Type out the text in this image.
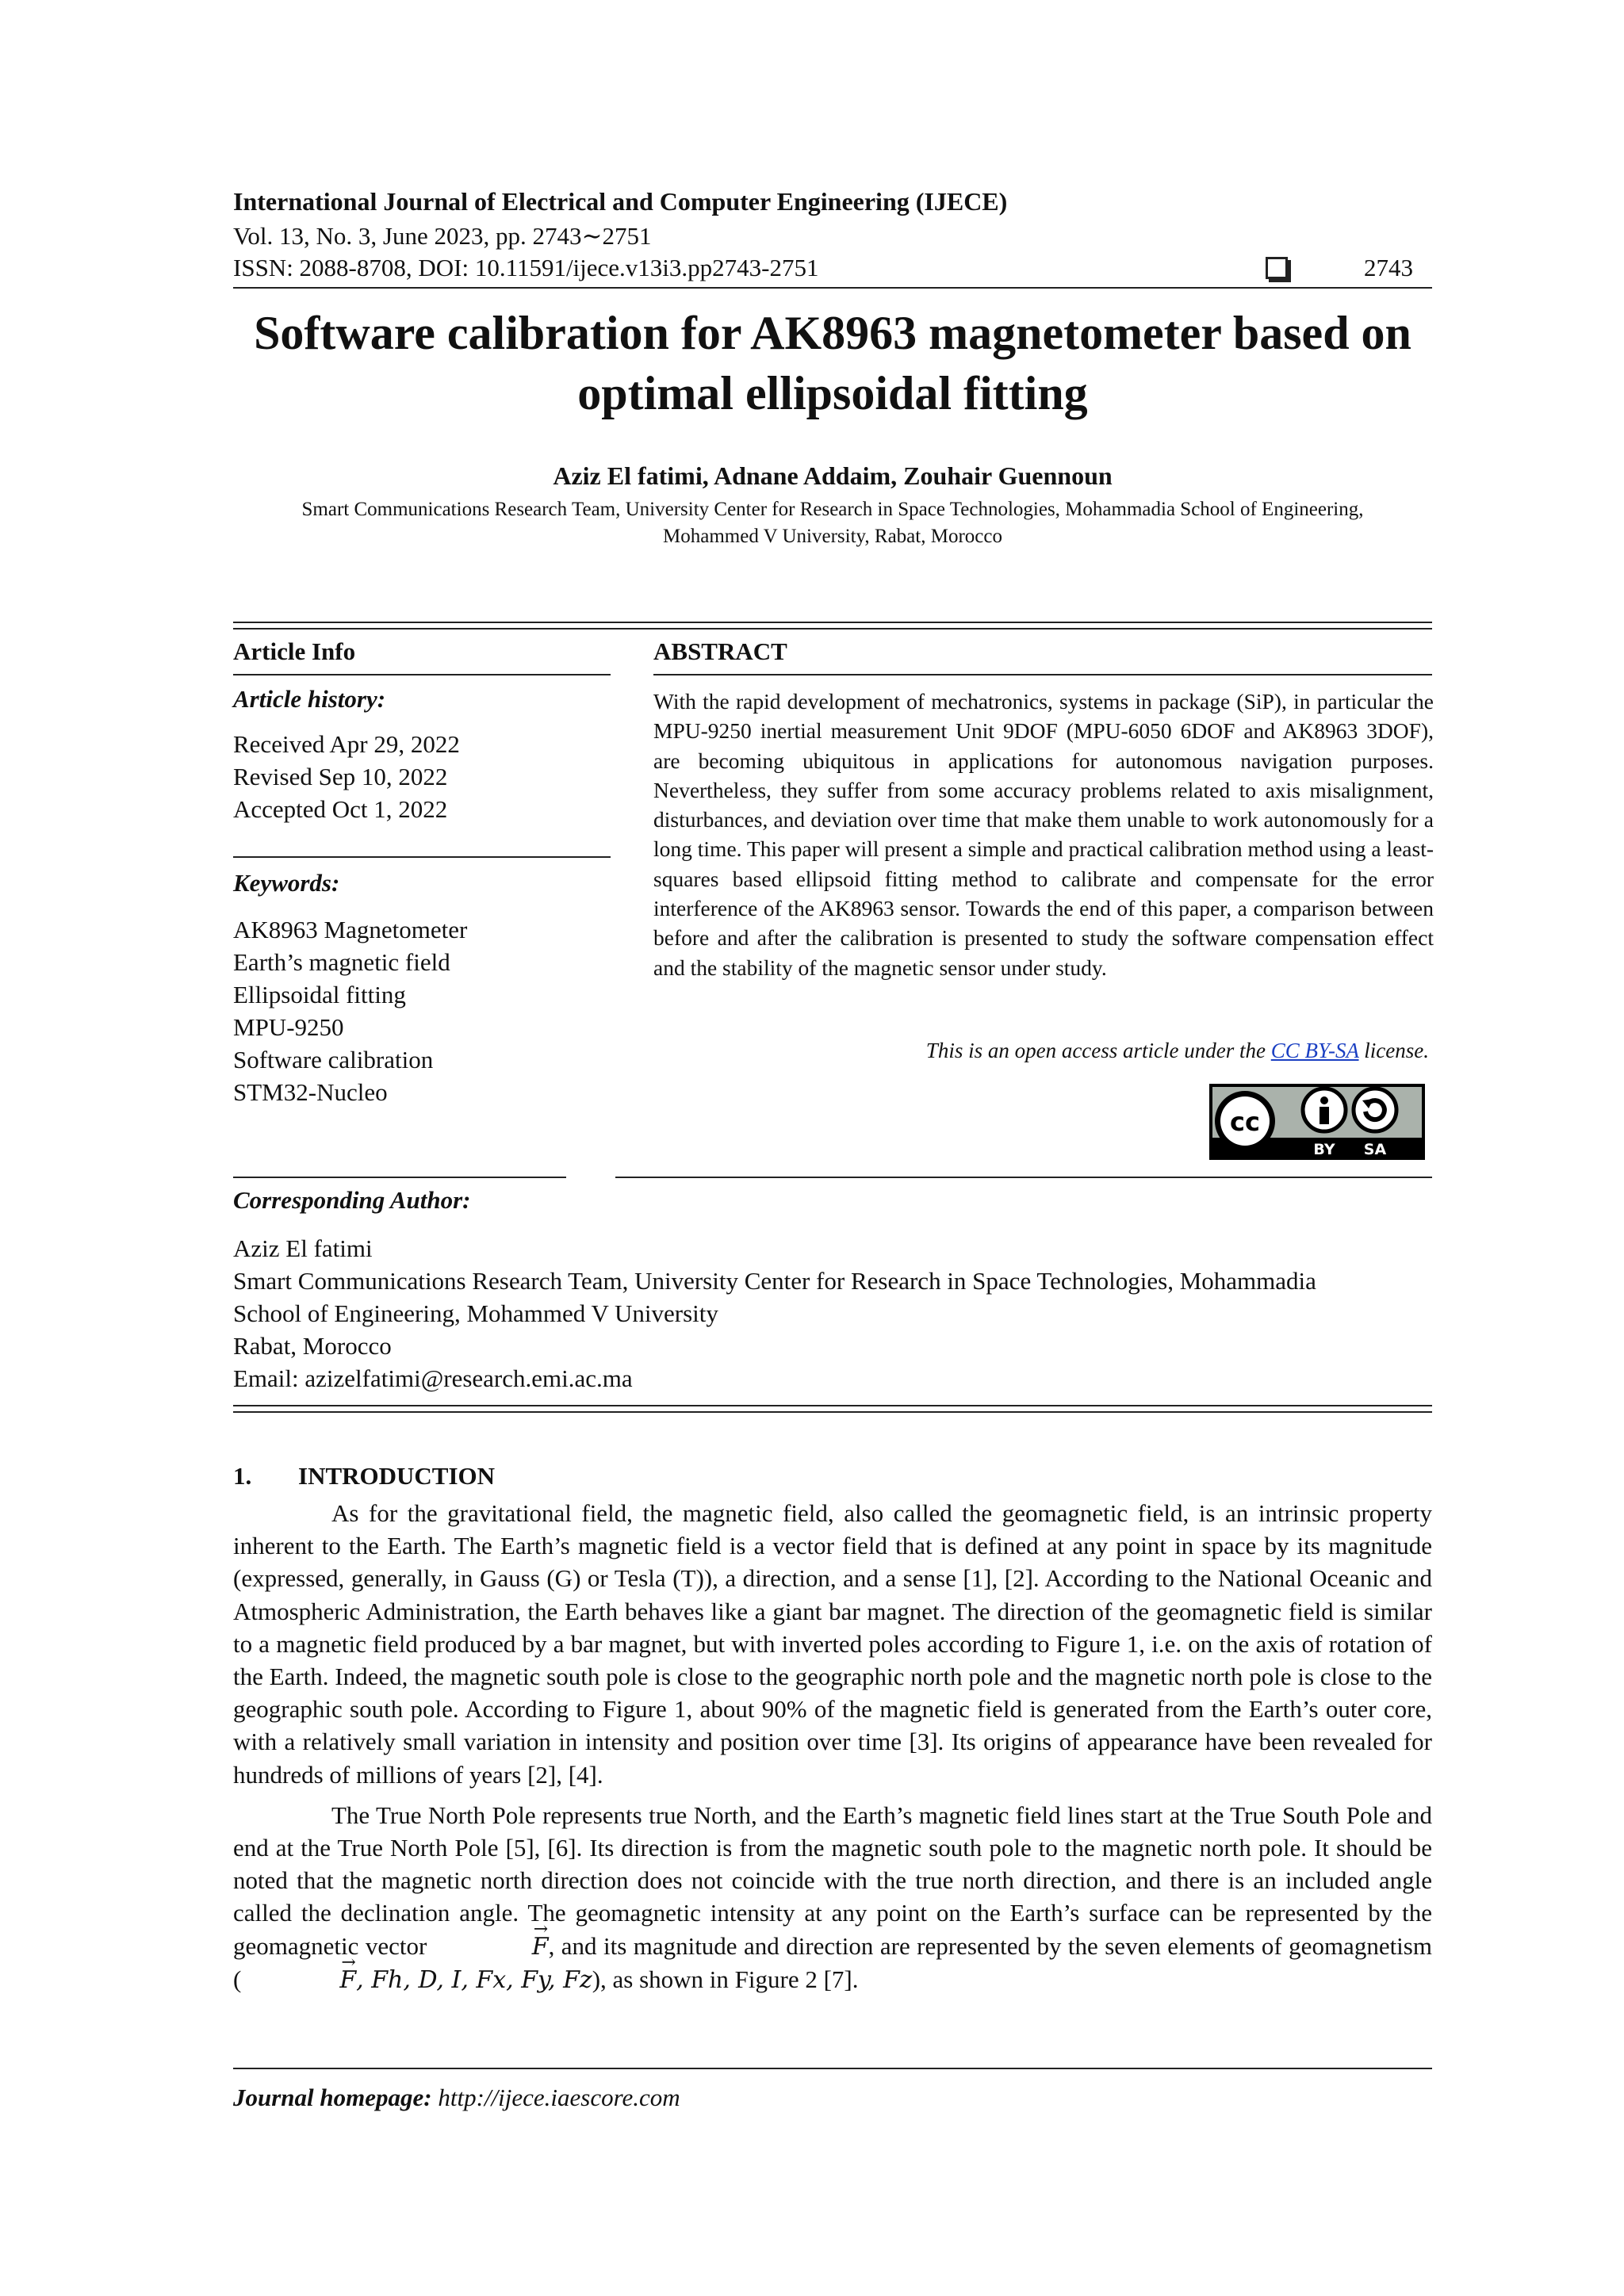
International Journal of Electrical and Computer Engineering (IJECE)
Vol. 13, No. 3, June 2023, pp. 2743∼2751
ISSN: 2088-8708, DOI: 10.11591/ijece.v13i3.pp2743-2751	2743
Software calibration for AK8963 magnetometer based on
optimal ellipsoidal fitting
Aziz El fatimi, Adnane Addaim, Zouhair Guennoun
Smart Communications Research Team, University Center for Research in Space Technologies, Mohammadia School of Engineering,
Mohammed V University, Rabat, Morocco
Article Info
Article history:
Received Apr 29, 2022
Revised Sep 10, 2022
Accepted Oct 1, 2022
Keywords:
AK8963 Magnetometer
Earth’s magnetic field
Ellipsoidal fitting
MPU-9250
Software calibration
STM32-Nucleo
ABSTRACT
With the rapid development of mechatronics, systems in package (SiP), in particular the MPU-9250 inertial measurement Unit 9DOF (MPU-6050 6DOF and AK8963 3DOF), are becoming ubiquitous in applications for autonomous navigation purposes. Nevertheless, they suffer from some accuracy problems related to axis misalignment, disturbances, and deviation over time that make them unable to work autonomously for a long time. This paper will present a simple and practical calibration method using a least-squares based ellipsoid fitting method to calibrate and compensate for the error interference of the AK8963 sensor. Towards the end of this paper, a comparison between before and after the calibration is presented to study the software compensation effect and the stability of the magnetic sensor under study.
This is an open access article under the CC BY-SA license.
cc
BY SA
Corresponding Author:
Aziz El fatimi
Smart Communications Research Team, University Center for Research in Space Technologies, Mohammadia
School of Engineering, Mohammed V University
Rabat, Morocco
Email: azizelfatimi@research.emi.ac.ma
1. INTRODUCTION

As for the gravitational field, the magnetic field, also called the geomagnetic field, is an intrinsic property inherent to the Earth. The Earth’s magnetic field is a vector field that is defined at any point in space by its magnitude (expressed, generally, in Gauss (G) or Tesla (T)), a direction, and a sense [1], [2]. According to the National Oceanic and Atmospheric Administration, the Earth behaves like a giant bar magnet. The direction of the geomagnetic field is similar to a magnetic field produced by a bar magnet, but with inverted poles according to Figure 1, i.e. on the axis of rotation of the Earth. Indeed, the magnetic south pole is close to the geographic north pole and the magnetic north pole is close to the geographic south pole. According to Figure 1, about 90% of the magnetic field is generated from the Earth’s outer core, with a relatively small variation in intensity and position over time [3]. Its origins of appearance have been revealed for hundreds of millions of years [2], [4].

The True North Pole represents true North, and the Earth’s magnetic field lines start at the True South Pole and end at the True North Pole [5], [6]. Its direction is from the magnetic south pole to the magnetic north pole. It should be noted that the magnetic north direction does not coincide with the true north direction, and there is an included angle called the declination angle. The geomagnetic intensity at any point on the Earth’s surface can be represented by the geomagnetic vector	→ F, and its magnitude and direction are represented by the seven elements of geomagnetism (	→ F, Fh, D, I, Fx, Fy, Fz), as shown in Figure 2 [7].

Journal homepage: http://ijece.iaescore.com
